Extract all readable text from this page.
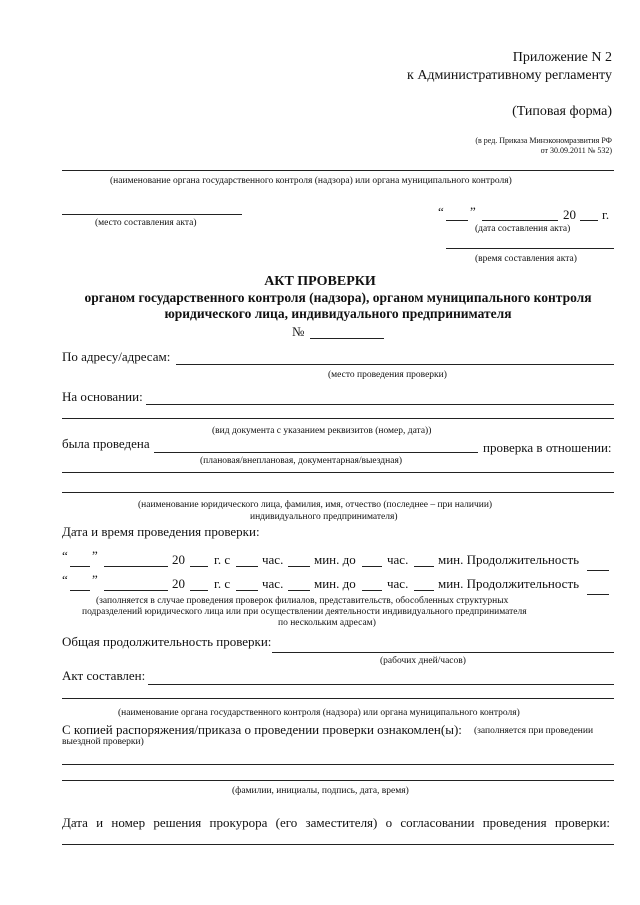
Приложение N 2
к Административному регламенту
(Типовая форма)
(в ред. Приказа Минэкономразвития РФ
от 30.09.2011 № 532)
(наименование органа государственного контроля (надзора) или органа муниципального контроля)
(место составления акта)
“ ”	20 г.
(дата составления акта)
(время составления акта)
АКТ ПРОВЕРКИ
органом государственного контроля (надзора), органом муниципального контроля
юридического лица, индивидуального предпринимателя
№
По адресу/адресам:
(место проведения проверки)
На основании:
(вид документа с указанием реквизитов (номер, дата))
была проведена	проверка в отношении:
(плановая/внеплановая, документарная/выездная)
(наименование юридического лица, фамилия, имя, отчество (последнее – при наличии)
индивидуального предпринимателя)
Дата и время проведения проверки:
“ ”	20 г. с час. мин. до час. мин. Продолжительность
“ ”	20 г. с час. мин. до час. мин. Продолжительность
(заполняется в случае проведения проверок филиалов, представительств, обособленных структурных
подразделений юридического лица или при осуществлении деятельности индивидуального предпринимателя
по нескольким адресам)
Общая продолжительность проверки:
(рабочих дней/часов)
Акт составлен:
(наименование органа государственного контроля (надзора) или органа муниципального контроля)
С копией распоряжения/приказа о проведении проверки ознакомлен(ы): (заполняется при проведении
выездной проверки)
(фамилии, инициалы, подпись, дата, время)
Дата и номер решения прокурора (его заместителя) о согласовании проведения проверки:
